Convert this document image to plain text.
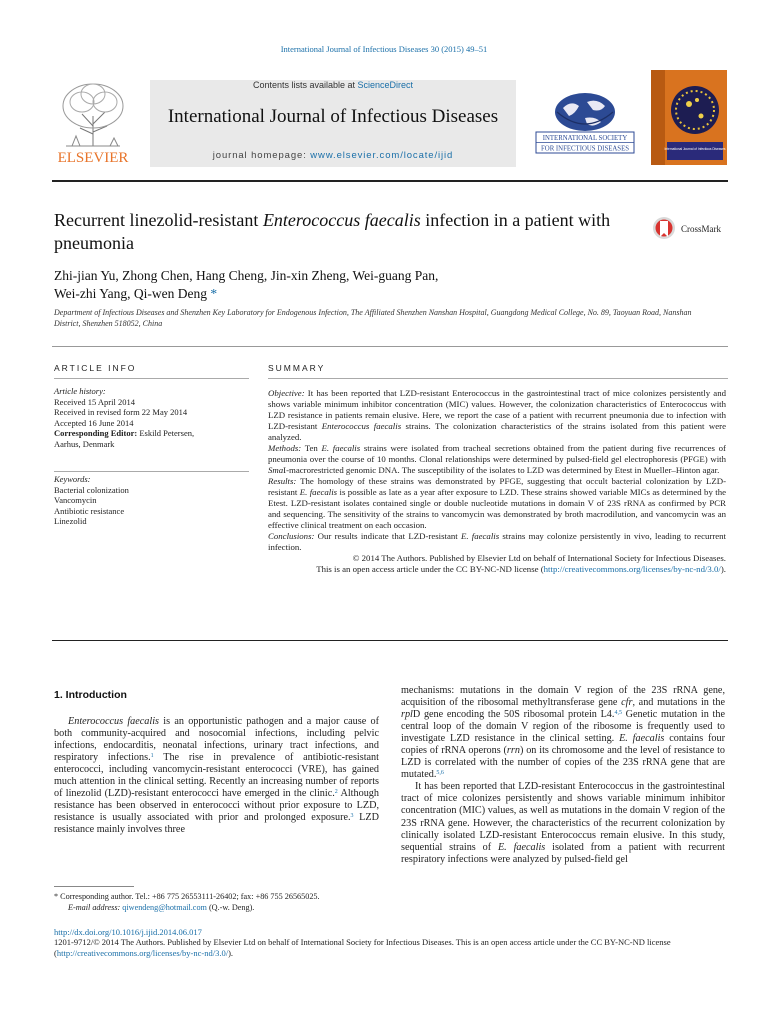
International Journal of Infectious Diseases 30 (2015) 49–51
ELSEVIER
Contents lists available at ScienceDirect
International Journal of Infectious Diseases
journal homepage: www.elsevier.com/locate/ijid
INTERNATIONAL SOCIETY
FOR INFECTIOUS DISEASES	International Journal of Infectious Diseases
Recurrent linezolid-resistant Enterococcus faecalis infection in a patient with pneumonia
CrossMark
Zhi-jian Yu, Zhong Chen, Hang Cheng, Jin-xin Zheng, Wei-guang Pan,
Wei-zhi Yang, Qi-wen Deng *
Department of Infectious Diseases and Shenzhen Key Laboratory for Endogenous Infection, The Affiliated Shenzhen Nanshan Hospital, Guangdong Medical College, No. 89, Taoyuan Road, Nanshan District, Shenzhen 518052, China
ARTICLE INFO
Article history:
Received 15 April 2014
Received in revised form 22 May 2014
Accepted 16 June 2014
Corresponding Editor: Eskild Petersen,
Aarhus, Denmark
Keywords:
Bacterial colonization
Vancomycin
Antibiotic resistance
Linezolid
SUMMARY

Objective: It has been reported that LZD-resistant Enterococcus in the gastrointestinal tract of mice colonizes persistently and shows variable minimum inhibitor concentration (MIC) values. However, the colonization characteristics of Enterococcus with LZD resistance in patients remain elusive. Here, we report the case of a patient with recurrent pneumonia due to infection with LZD-resistant Enterococcus faecalis strains. The colonization characteristics of the strains isolated from this patient were analyzed.

Methods: Ten E. faecalis strains were isolated from tracheal secretions obtained from the patient during five recurrences of pneumonia over the course of 10 months. Clonal relationships were determined by pulsed-field gel electrophoresis (PFGE) with SmaI-macrorestricted genomic DNA. The susceptibility of the isolates to LZD was determined by Etest in Mueller–Hinton agar.

Results: The homology of these strains was demonstrated by PFGE, suggesting that occult bacterial colonization by LZD-resistant E. faecalis is possible as late as a year after exposure to LZD. These strains showed variable MICs as determined by the Etest. LZD-resistant isolates contained single or double nucleotide mutations in domain V of 23S rRNA as confirmed by PCR and sequencing. The sensitivity of the strains to vancomycin was demonstrated by broth macrodilution, and vancomycin was an effective clinical treatment on each occasion.

Conclusions: Our results indicate that LZD-resistant E. faecalis strains may colonize persistently in vivo, leading to recurrent infection.

© 2014 The Authors. Published by Elsevier Ltd on behalf of International Society for Infectious Diseases.
This is an open access article under the CC BY-NC-ND license (http://creativecommons.org/licenses/by-nc-nd/3.0/).

1. Introduction

Enterococcus faecalis is an opportunistic pathogen and a major cause of both community-acquired and nosocomial infections, including pelvic infections, endocarditis, neonatal infections, urinary tract infections, and respiratory infections.$^1$ The rise in prevalence of antibiotic-resistant enterococci, including vancomycin-resistant enterococci (VRE), has gained much attention in the clinical setting. Recently an increasing number of reports of linezolid (LZD)-resistant enterococci have emerged in the clinic.$^2$ Although resistance has been observed in enterococci without prior exposure to LZD, resistance is usually associated with prior and prolonged exposure.$^3$ LZD resistance mainly involves three

mechanisms: mutations in the domain V region of the 23S rRNA gene, acquisition of the ribosomal methyltransferase gene cfr, and mutations in the rplD gene encoding the 50S ribosomal protein L4.$^{4,5}$ Genetic mutation in the central loop of the domain V region of the ribosome is frequently used to investigate LZD resistance in the clinical setting. E. faecalis contains four copies of rRNA operons (rrn) on its chromosome and the level of resistance to LZD is correlated with the number of copies of the 23S rRNA gene that are mutated.$^{5,6}$

It has been reported that LZD-resistant Enterococcus in the gastrointestinal tract of mice colonizes persistently and shows variable minimum inhibitor concentration (MIC) values, as well as mutations in the domain V region of the 23S rRNA gene. However, the characteristics of the recurrent colonization by clinically isolated LZD-resistant Enterococcus remain elusive. In this study, sequential strains of E. faecalis isolated from a patient with recurrent respiratory infections were analyzed by pulsed-field gel

* Corresponding author. Tel.: +86 775 26553111-26402; fax: +86 755 26565025.
E-mail address: qiwendeng@hotmail.com (Q.-w. Deng).
http://dx.doi.org/10.1016/j.ijid.2014.06.017
1201-9712/© 2014 The Authors. Published by Elsevier Ltd on behalf of International Society for Infectious Diseases. This is an open access article under the CC BY-NC-ND license (http://creativecommons.org/licenses/by-nc-nd/3.0/).
